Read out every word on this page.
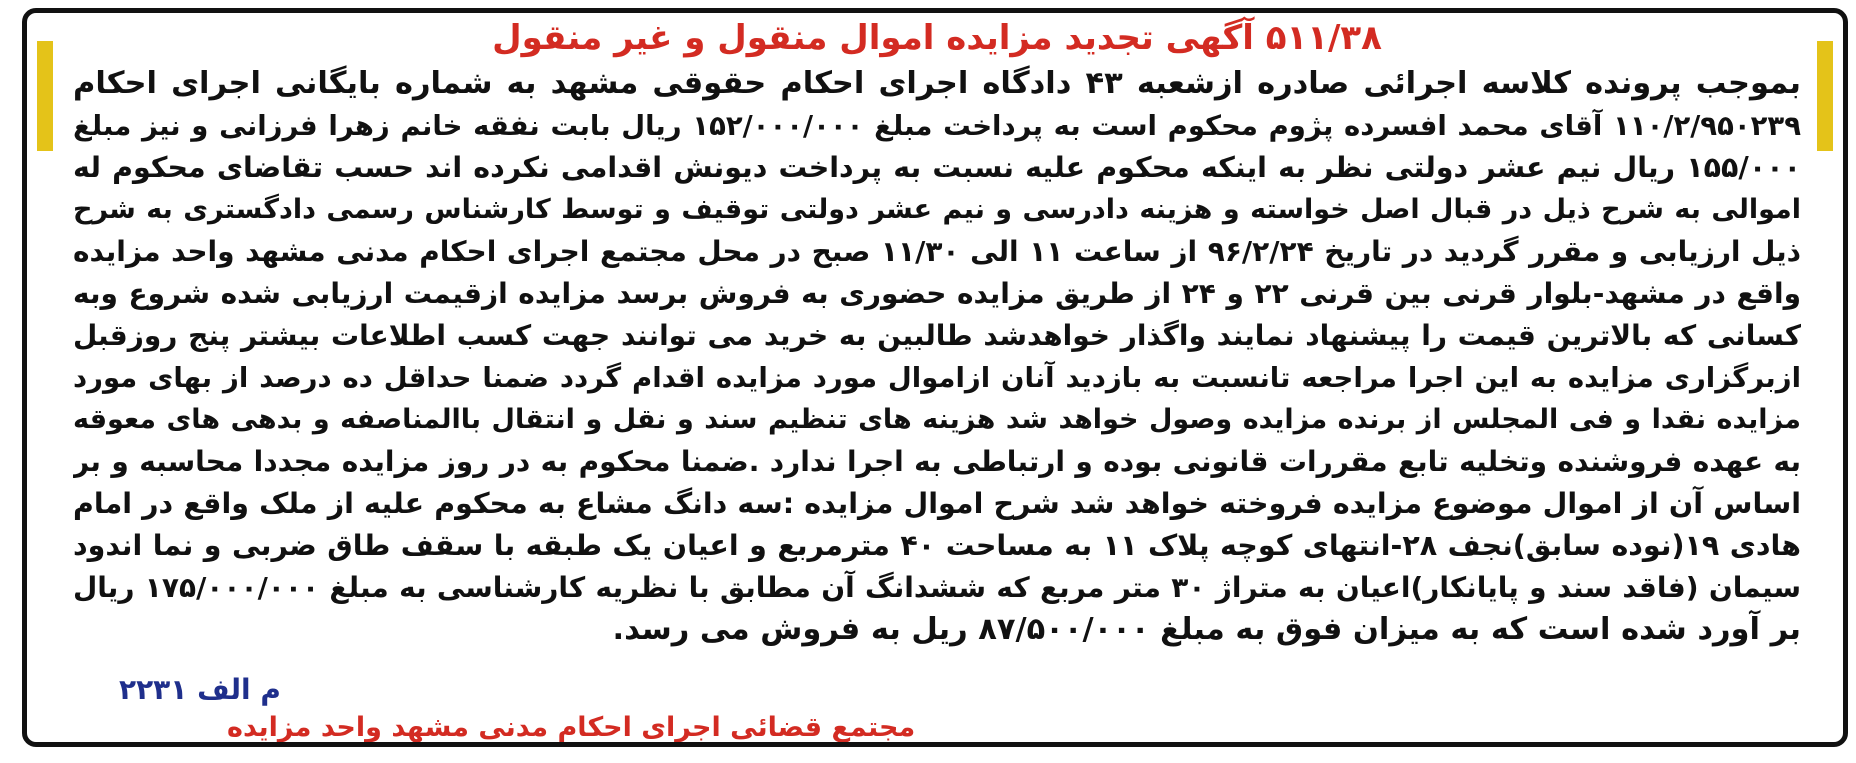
۵۱۱/۳۸ آگهی تجدید مزایده اموال منقول و غیر منقول
بموجب پرونده کلاسه اجرائی صادره ازشعبه ۴۳ دادگاه اجرای احکام حقوقی مشهد به شماره بایگانی اجرای احکام
۱۱۰/۲/۹۵۰۲۳۹ آقای محمد افسرده پژوم محکوم است به پرداخت مبلغ ۱۵۲/۰۰۰/۰۰۰ ریال بابت نفقه خانم زهرا فرزانی و نیز مبلغ
۱۵۵/۰۰۰ ریال نیم عشر دولتی نظر به اینکه محکوم علیه نسبت به پرداخت دیونش اقدامی نکرده اند حسب تقاضای محکوم له
اموالی به شرح ذیل در قبال اصل خواسته و هزینه دادرسی و نیم عشر دولتی توقیف و توسط کارشناس رسمی دادگستری به شرح
ذیل ارزیابی و مقرر گردید در تاریخ ۹۶/۲/۲۴ از ساعت ۱۱ الی ۱۱/۳۰ صبح در محل مجتمع اجرای احکام مدنی مشهد واحد مزایده
واقع در مشهد-بلوار قرنی بین قرنی ۲۲ و ۲۴ از طریق مزایده حضوری به فروش برسد مزایده ازقیمت ارزیابی شده شروع وبه
کسانی که بالاترین قیمت را پیشنهاد نمایند واگذار خواهدشد طالبین به خرید می توانند جهت کسب اطلاعات بیشتر پنج روزقبل
ازبرگزاری مزایده به این اجرا مراجعه تانسبت به بازدید آنان ازاموال مورد مزایده اقدام گردد ضمنا حداقل ده درصد از بهای مورد
مزایده نقدا و فی المجلس از برنده مزایده وصول خواهد شد هزینه های تنظیم سند و نقل و انتقال باالمناصفه و بدهی های معوقه
به عهده فروشنده وتخلیه تابع مقررات قانونی بوده و ارتباطی به اجرا ندارد .ضمنا محکوم به در روز مزایده مجددا محاسبه و بر
اساس آن از اموال موضوع مزایده فروخته خواهد شد شرح اموال مزایده :سه دانگ مشاع به محکوم علیه از ملک واقع در امام
هادی ۱۹(نوده سابق)نجف ۲۸-انتهای کوچه پلاک ۱۱ به مساحت ۴۰ مترمربع و اعیان یک طبقه با سقف طاق ضربی و نما اندود
سیمان (فاقد سند و پایانکار)اعیان به متراژ ۳۰ متر مربع که ششدانگ آن مطابق با نظریه کارشناسی به مبلغ ۱۷۵/۰۰۰/۰۰۰ ریال
بر آورد شده است که به میزان فوق به مبلغ ۸۷/۵۰۰/۰۰۰ ریل به فروش می رسد.
م الف ۲۲۳۱
مجتمع قضائی اجرای احکام مدنی مشهد واحد مزایده
